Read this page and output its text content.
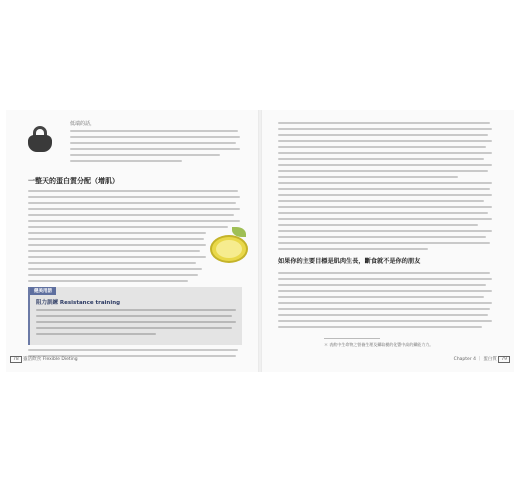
低端的話，
一整天的蛋白質分配（增肌）
健美用語
阻力訓練 Resistance training
78 靈活飲食 Flexible Dieting
如果你的主要目標是肌肉生長，斷食就不是你的朋友
＊ 表飲中生命物之營養生理及攝取模的化豐中高的攝能力力。
Chapter 4 ｜ 蛋白質 79
